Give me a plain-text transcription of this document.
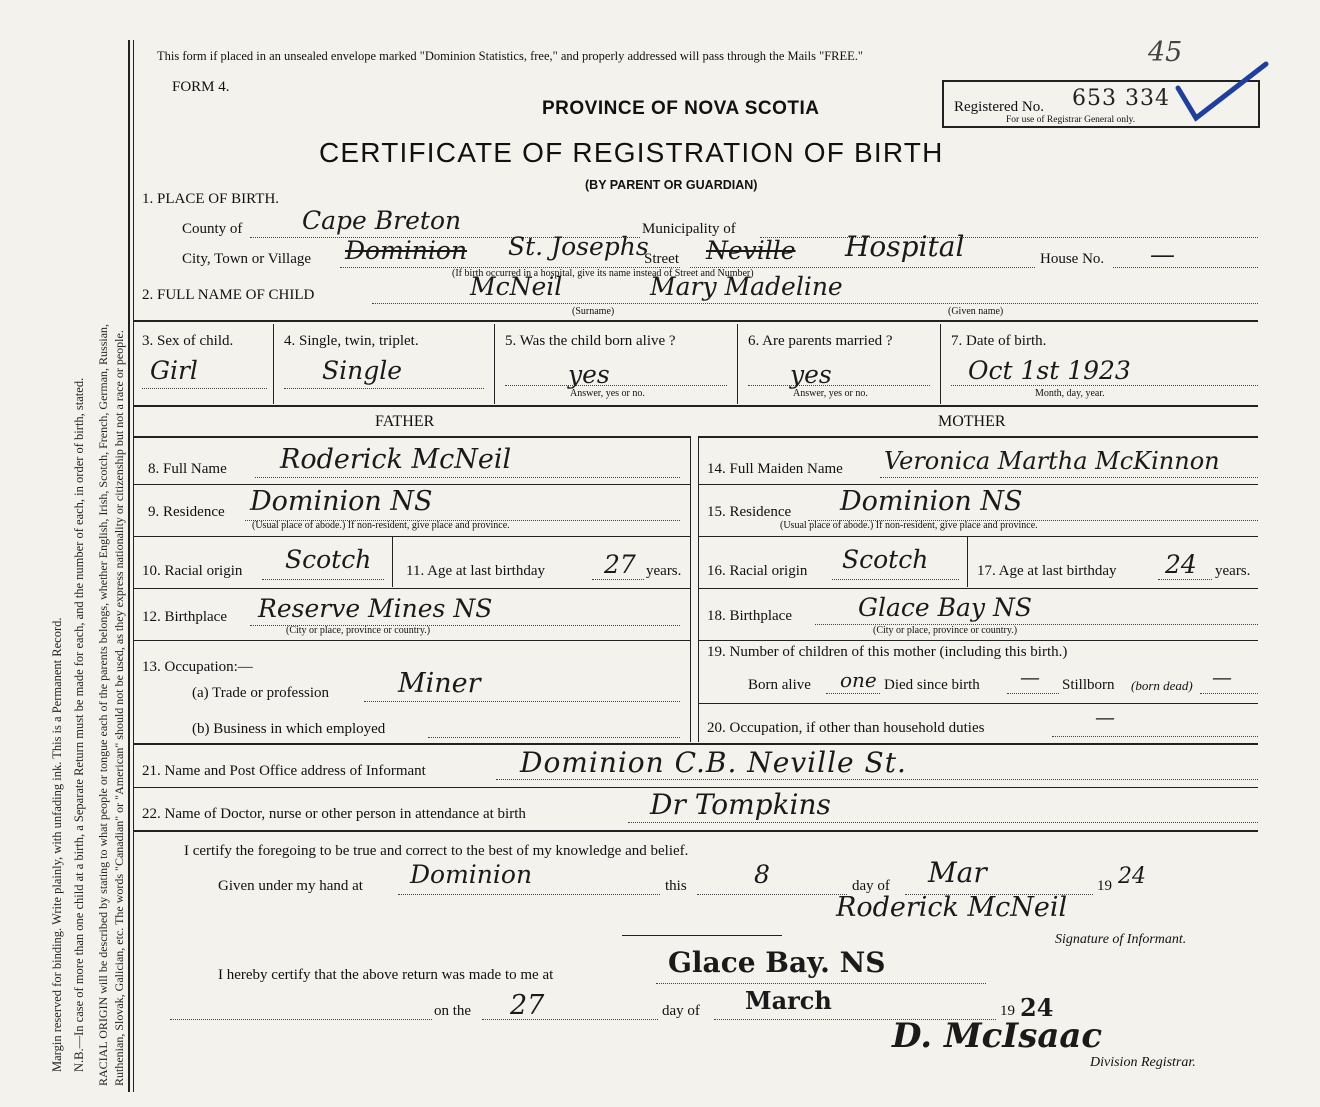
Margin reserved for binding. Write plainly, with unfading ink. This is a Permanent Record. N.B.—In case of more than one child at a birth, a Separate Return must be made for each, and the number of each, in order of birth, stated. RACIAL ORIGIN will be described by stating to what people or tongue each of the parents belongs, whether English, Irish, Scotch, French, German, Russian, Ruthenian, Slovak, Galician, etc. The words "Canadian" or "American" should not be used, as they express nationality or citizenship but not a race or people.
This form if placed in an unsealed envelope marked "Dominion Statistics, free," and properly addressed will pass through the Mails "FREE."
FORM 4.
PROVINCE OF NOVA SCOTIA
CERTIFICATE OF REGISTRATION OF BIRTH
(BY PARENT OR GUARDIAN)
45
Registered No. 653 334
For use of Registrar General only.
1. PLACE OF BIRTH.
County of Cape Breton	Municipality of
City, Town or Village Dominion St. Josephs
Street Neville Hospital	House No. —
(If birth occurred in a hospital, give its name instead of Street and Number)
2. FULL NAME OF CHILD	McNeil	Mary Madeline
(Surname)	(Given name)
3. Sex of child.
Girl
4. Single, twin, triplet.
Single
5. Was the child born alive ?
yes
Answer, yes or no.
6. Are parents married ?
yes
Answer, yes or no.
7. Date of birth.
Oct 1st 1923
Month, day, year.
FATHER	MOTHER
8. Full Name Roderick McNeil
9. Residence Dominion NS
(Usual place of abode.) If non-resident, give place and province.
10. Racial origin Scotch 11. Age at last birthday 27 years.
12. Birthplace Reserve Mines NS
(City or place, province or country.)
13. Occupation:—
(a) Trade or profession	Miner
(b) Business in which employed
14. Full Maiden Name Veronica Martha McKinnon
15. Residence Dominion NS
(Usual place of abode.) If non-resident, give place and province.
16. Racial origin Scotch	17. Age at last birthday 24 years.
18. Birthplace	Glace Bay NS
(City or place, province or country.)
19. Number of children of this mother (including this birth.)
Born alive one Died since birth — Stillborn (born dead) —
20. Occupation, if other than household duties	—
21. Name and Post Office address of Informant	Dominion C.B. Neville St.
22. Name of Doctor, nurse or other person in attendance at birth	Dr Tompkins
I certify the foregoing to be true and correct to the best of my knowledge and belief.
Given under my hand at Dominion	this	8	day of Mar	19 24
Roderick McNeil
Signature of Informant.
I hereby certify that the above return was made to me at	Glace Bay. NS
on the 27	day of March	19 24
D. McIsaac
Division Registrar.
